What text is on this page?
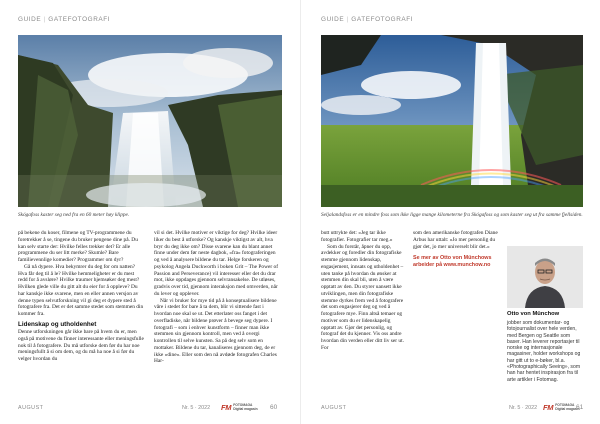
GUIDE | GATEFOTOGRAFI
Skógafoss kaster seg ned fra en 60 meter høy klippe.

på bekene du koser, filmene og TV-programmene du foretrekker å se, tingene du bruker pengene dine på. Du kan selv starte der: Hvilke felles trekker det? Er alle programmene du ser litt merke? Skumle? Bare familievennlige komedier? Programmer om dyr?

Gå nå dypere. Hva bekymrer du deg for om natten? Hva får deg til å le? Hvilke hemmeligheter er du mest redd for å avsløre? Hvilke traumer hjemsøker deg mest? Hvilken glede ville du gitt alt du eier for å oppleve? Du har kanskje ikke svarene, men en eller annen versjon av denne typen selvutforskning vil gi deg et dypere sted å fotografere fra. Det er det samme stedet som stemmen din kommer fra.

Lidenskap og utholdenhet

Denne utforskningen går ikke bare på hvem du er, men også på motivene du finner interessante eller meningsfulle nok til å fotografere. Du må utforske dem før du har noe meningsfullt å si om dem, og du må ha noe å si før du velger hvordan du

vil si det. Hvilke motiver er viktige for deg? Hvilke ideer liker du best å utforske? Og kanskje viktigst av alt, hva bryr du deg ikke om? Disse svarene kan du blant annet finne under dem før neste dagbok, «fra» fotograferingen og ved å analysere bildene du tar. Helge forskeren og psykolog Angela Duckworth i boken Grit – The Power of Passion and Perseverance) vil interesser eller det du drar mot, ikke oppdages gjennom selvransakelse. De utløses, gradvis over tid, gjennom interaksjon med omverden, når du lever og opplever.

Når vi bruker for mye tid på å konseptualisere bildene våre i stedet for bare å ta dem, blir vi sittende fast i hvordan noe skal se ut. Det etterlater oss fanget i det overfladiske, når bildene prøver å bevege seg dypere. I fotografi – som i enhver kunstform – finner man ikke stemmen sin gjennom kontroll, men ved å overgi kontrollen til selve kunsten. Sa på deg selv som en mottaker. Bildene du tar, kanaliseres gjennom deg, de er ikke «dine». Eller som den nå avdøde fotografen Charles Har-

AUGUST	Nr. 5 · 2022 FM FOTOMAGA
Digital magasin 60
GUIDE | GATEFOTOGRAFI
Seljalandsfoss er en mindre foss som ikke ligge mange kilometerne fra Skógafoss og som kaster seg ut fra samme fjellsiden.

butt uttrykte det: «Jeg tar ikke fotografier. Fotografier tar meg.»

Som du forstår, åpner du opp, avdekker og foredler din fotografiske stemme gjennom lidenskap, engasjement, innsats og utholdenhet – uten tanke på hvordan du ønsker at stemmen din skal bli, uten å være opptatt av den. Du styrer uansett ikke utviklingen, men din fotografiske stemme dyrkes frem ved å fotografere det som engasjerer deg og ved å fotografere mye. Finn altså temaer og motiver som du er lidenskapelig opptatt av. Gjør det personlig, og fotograf det du kjenner. Vis oss andre hvordan din verden eller ditt liv ser ut. For

som den amerikanske fotografen Diane Arbus har uttalt: «Jo mer personlig du gjør det, jo mer universelt blir det.»

Se mer av Otto von Münchows arbeider på www.munchow.no
Otto von Münchow
jobber som dokumentar- og fotojournalist over hele verden, med Bergen og Seattle som baser. Han leverer reportasjer til norske og internasjonale magasiner, holder workshops og har gitt ut to e-bøker, bl.a. «Photographically Seeing», som han har hentet inspirasjon fra til arte artikler i Fotomag.
AUGUST	Nr. 5 · 2022 FM FOTOMAGA
Digital magasin
61
